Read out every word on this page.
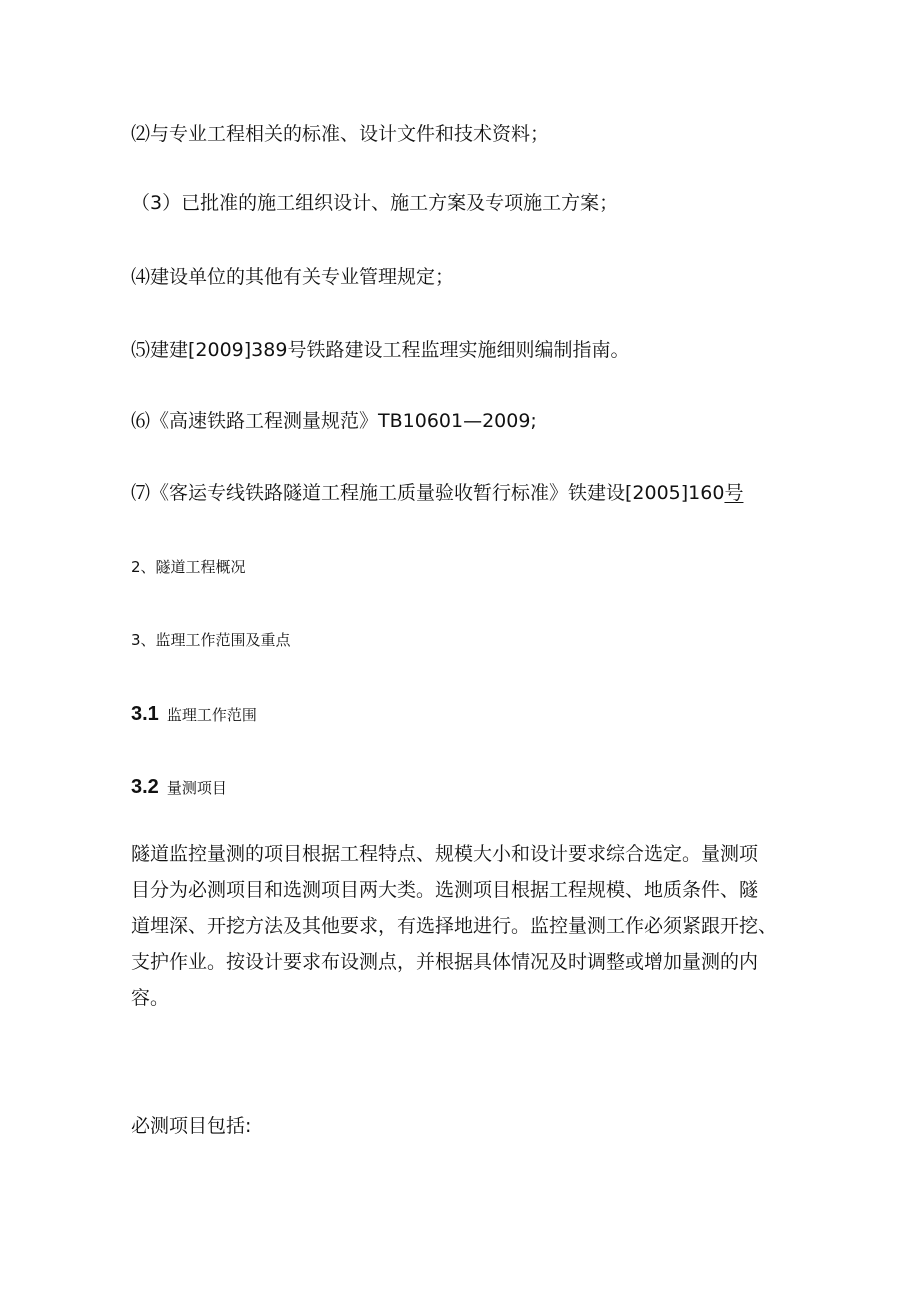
⑵与专业工程相关的标准、设计文件和技术资料；
（3）已批准的施工组织设计、施工方案及专项施工方案；
⑷建设单位的其他有关专业管理规定；
⑸建建[2009]389号铁路建设工程监理实施细则编制指南。
⑹《高速铁路工程测量规范》TB10601—2009;
⑺《客运专线铁路隧道工程施工质量验收暂行标准》铁建设[2005]160号
2、隧道工程概况
3、监理工作范围及重点
3.1 监理工作范围
3.2 量测项目
隧道监控量测的项目根据工程特点、规模大小和设计要求综合选定。量测项
目分为必测项目和选测项目两大类。选测项目根据工程规模、地质条件、隧
道埋深、开挖方法及其他要求，有选择地进行。监控量测工作必须紧跟开挖、
支护作业。按设计要求布设测点，并根据具体情况及时调整或增加量测的内
容。
必测项目包括:
